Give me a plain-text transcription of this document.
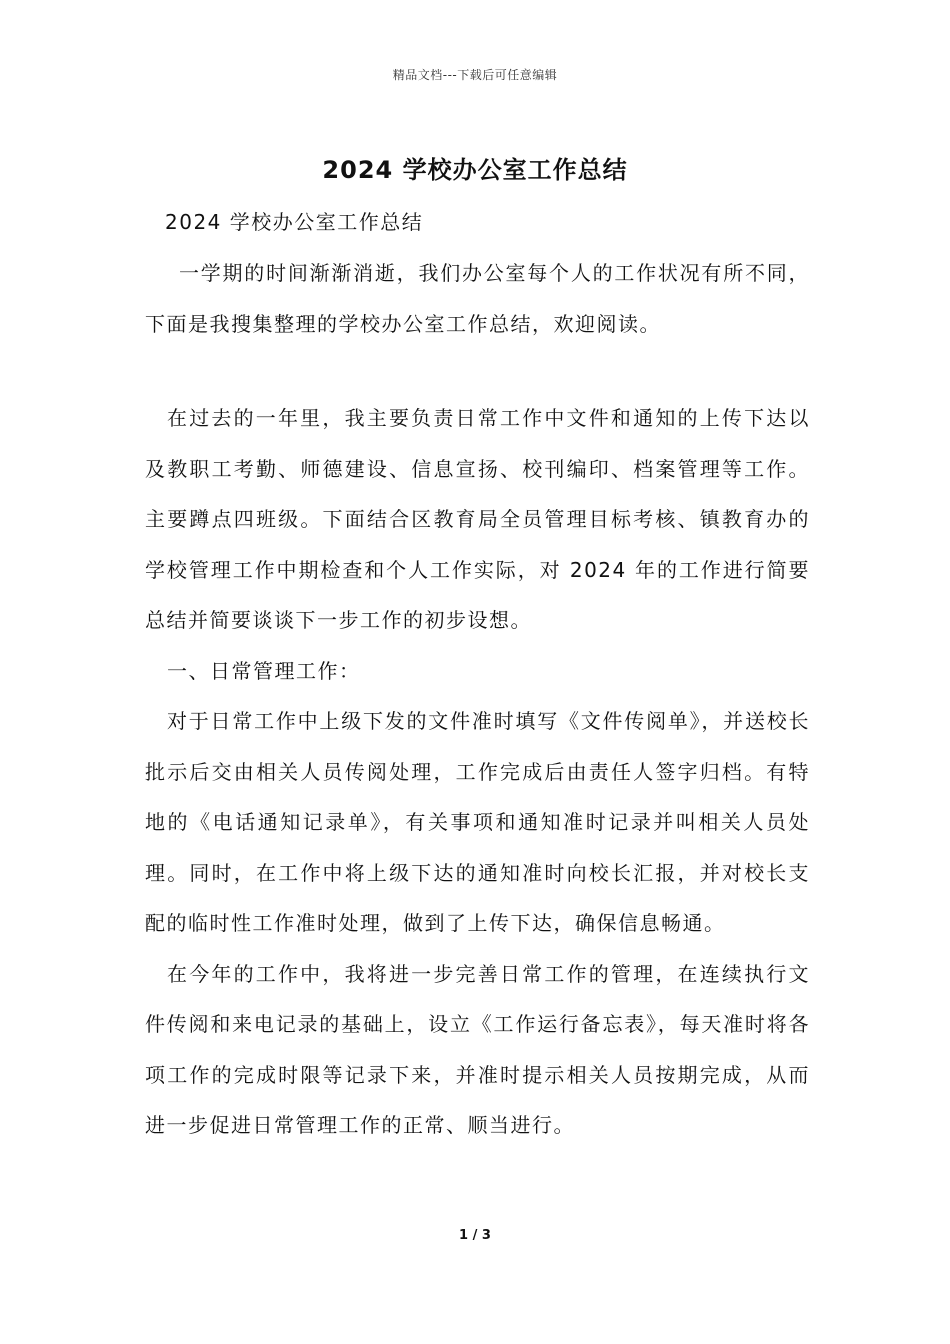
精品文档---下载后可任意编辑
2024 学校办公室工作总结
2024 学校办公室工作总结

一学期的时间渐渐消逝，我们办公室每个人的工作状况有所不同，下面是我搜集整理的学校办公室工作总结，欢迎阅读。

在过去的一年里，我主要负责日常工作中文件和通知的上传下达以及教职工考勤、师德建设、信息宣扬、校刊编印、档案管理等工作。主要蹲点四班级。下面结合区教育局全员管理目标考核、镇教育办的学校管理工作中期检查和个人工作实际，对 2024 年的工作进行简要总结并简要谈谈下一步工作的初步设想。

一、日常管理工作：

对于日常工作中上级下发的文件准时填写《文件传阅单》，并送校长批示后交由相关人员传阅处理，工作完成后由责任人签字归档。有特地的《电话通知记录单》，有关事项和通知准时记录并叫相关人员处理。同时，在工作中将上级下达的通知准时向校长汇报，并对校长支配的临时性工作准时处理，做到了上传下达，确保信息畅通。

在今年的工作中，我将进一步完善日常工作的管理，在连续执行文件传阅和来电记录的基础上，设立《工作运行备忘表》，每天准时将各项工作的完成时限等记录下来，并准时提示相关人员按期完成，从而进一步促进日常管理工作的正常、顺当进行。

1 / 3
